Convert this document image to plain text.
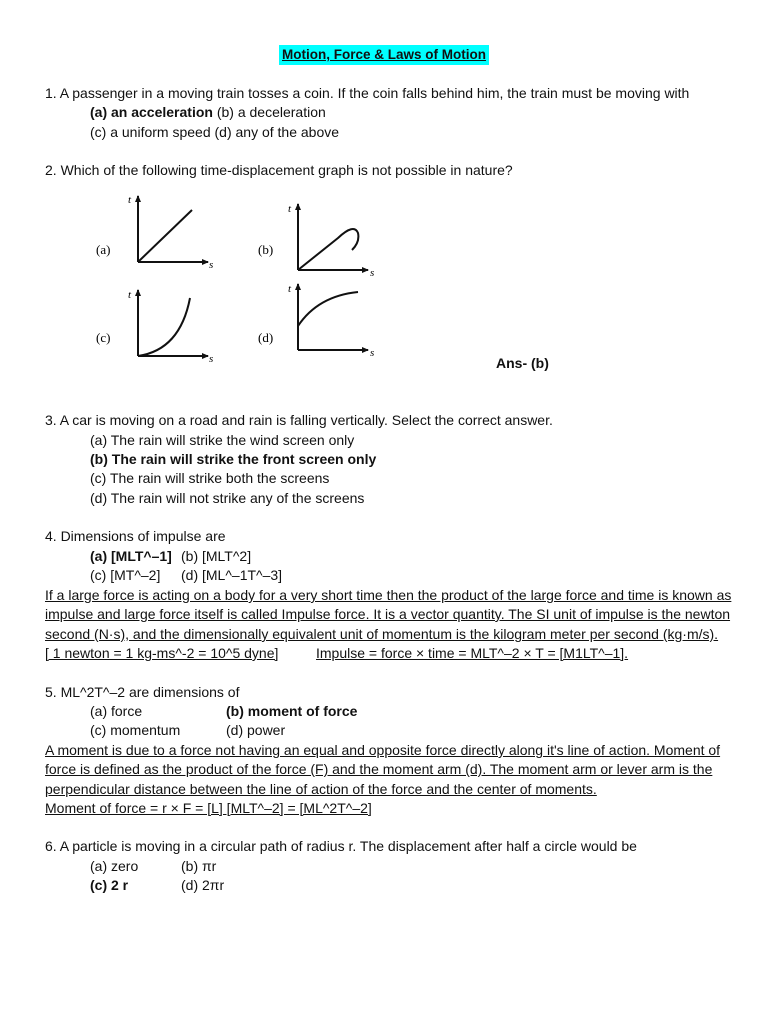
Motion, Force & Laws of Motion
1. A passenger in a moving train tosses a coin. If the coin falls behind him, the train must be moving with
(a) an acceleration (b) a deceleration
(c) a uniform speed (d) any of the above
2. Which of the following time-displacement graph is not possible in nature?
(a)
t
s
(b)
t
s
(c)
t
s
(d)
t
s
Ans- (b)
3. A car is moving on a road and rain is falling vertically. Select the correct answer.
(a) The rain will strike the wind screen only
(b) The rain will strike the front screen only
(c) The rain will strike both the screens
(d) The rain will not strike any of the screens
4. Dimensions of impulse are
(a) [MLT^–1] (b) [MLT^2]
(c) [MT^–2] (d) [ML^–1T^–3]
If a large force is acting on a body for a very short time then the product of the large force and time is known as
impulse and large force itself is called Impulse force. It is a vector quantity. The SI unit of impulse is the newton
second (N·s), and the dimensionally equivalent unit of momentum is the kilogram meter per second (kg·m/s).
[ 1 newton = 1 kg-ms^-2 = 10^5 dyne]	Impulse = force × time = MLT^–2 × T = [M1LT^–1].
5. ML^2T^–2 are dimensions of
(a) force	(b) moment of force
(c) momentum	(d) power
A moment is due to a force not having an equal and opposite force directly along it's line of action. Moment of
force is defined as the product of the force (F) and the moment arm (d). The moment arm or lever arm is the
perpendicular distance between the line of action of the force and the center of moments.
Moment of force = r × F = [L] [MLT^–2] = [ML^2T^–2]
6. A particle is moving in a circular path of radius r. The displacement after half a circle would be
(a) zero	(b) πr
(c) 2 r	(d) 2πr
